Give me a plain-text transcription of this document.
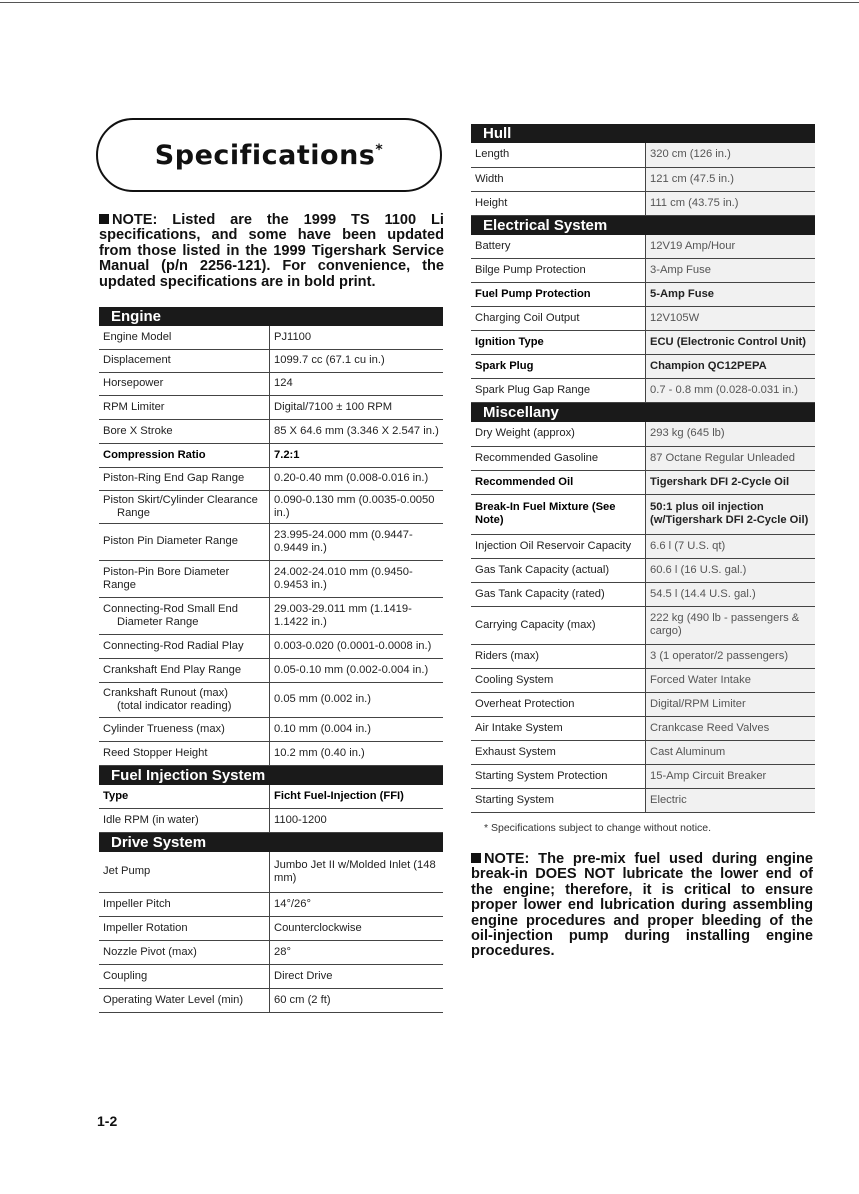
Specifications*
NOTE: Listed are the 1999 TS 1100 Li specifications, and some have been updated from those listed in the 1999 Tigershark Service Manual (p/n 2256-121). For convenience, the updated specifications are in bold print.
Engine	
Engine Model	PJ1100
Displacement	1099.7 cc (67.1 cu in.)
Horsepower	124
RPM Limiter	Digital/7100 ± 100 RPM
Bore X Stroke	85 X 64.6 mm (3.346 X 2.547 in.)
Compression Ratio	7.2:1
Piston-Ring End Gap Range	0.20-0.40 mm (0.008-0.016 in.)
Piston Skirt/Cylinder Clearance
Range	0.090-0.130 mm (0.0035-0.0050 in.)
Piston Pin Diameter Range	23.995-24.000 mm (0.9447-0.9449 in.)
Piston-Pin Bore Diameter Range	24.002-24.010 mm (0.9450-0.9453 in.)
Connecting-Rod Small End
Diameter Range	29.003-29.011 mm (1.1419-1.1422 in.)
Connecting-Rod Radial Play	0.003-0.020 (0.0001-0.0008 in.)
Crankshaft End Play Range	0.05-0.10 mm (0.002-0.004 in.)
Crankshaft Runout (max)
(total indicator reading)	0.05 mm (0.002 in.)
Cylinder Trueness (max)	0.10 mm (0.004 in.)
Reed Stopper Height	10.2 mm (0.40 in.)
Fuel Injection System	
Type	Ficht Fuel-Injection (FFI)
Idle RPM (in water)	1100-1200
Drive System	
Jet Pump	Jumbo Jet II w/Molded Inlet (148 mm)
Impeller Pitch	14°/26°
Impeller Rotation	Counterclockwise
Nozzle Pivot (max)	28°
Coupling	Direct Drive
Operating Water Level (min)	60 cm (2 ft)
Hull	
Length	320 cm (126 in.)
Width	121 cm (47.5 in.)
Height	111 cm (43.75 in.)
Electrical System	
Battery	12V19 Amp/Hour
Bilge Pump Protection	3-Amp Fuse
Fuel Pump Protection	5-Amp Fuse
Charging Coil Output	12V105W
Ignition Type	ECU (Electronic Control Unit)
Spark Plug	Champion QC12PEPA
Spark Plug Gap Range	0.7 - 0.8 mm (0.028-0.031 in.)
Miscellany	
Dry Weight (approx)	293 kg (645 lb)
Recommended Gasoline	87 Octane Regular Unleaded
Recommended Oil	Tigershark DFI 2-Cycle Oil
Break-In Fuel Mixture (See Note)	50:1 plus oil injection
(w/Tigershark DFI 2-Cycle Oil)
Injection Oil Reservoir Capacity	6.6 l (7 U.S. qt)
Gas Tank Capacity (actual)	60.6 l (16 U.S. gal.)
Gas Tank Capacity (rated)	54.5 l (14.4 U.S. gal.)
Carrying Capacity (max)	222 kg (490 lb - passengers & cargo)
Riders (max)	3 (1 operator/2 passengers)
Cooling System	Forced Water Intake
Overheat Protection	Digital/RPM Limiter
Air Intake System	Crankcase Reed Valves
Exhaust System	Cast Aluminum
Starting System Protection	15-Amp Circuit Breaker
Starting System	Electric
* Specifications subject to change without notice.
NOTE: The pre-mix fuel used during engine break-in DOES NOT lubricate the lower end of the engine; therefore, it is critical to ensure proper lower end lubrication during assembling engine procedures and proper bleeding of the oil-injection pump during installing engine procedures.
1-2
